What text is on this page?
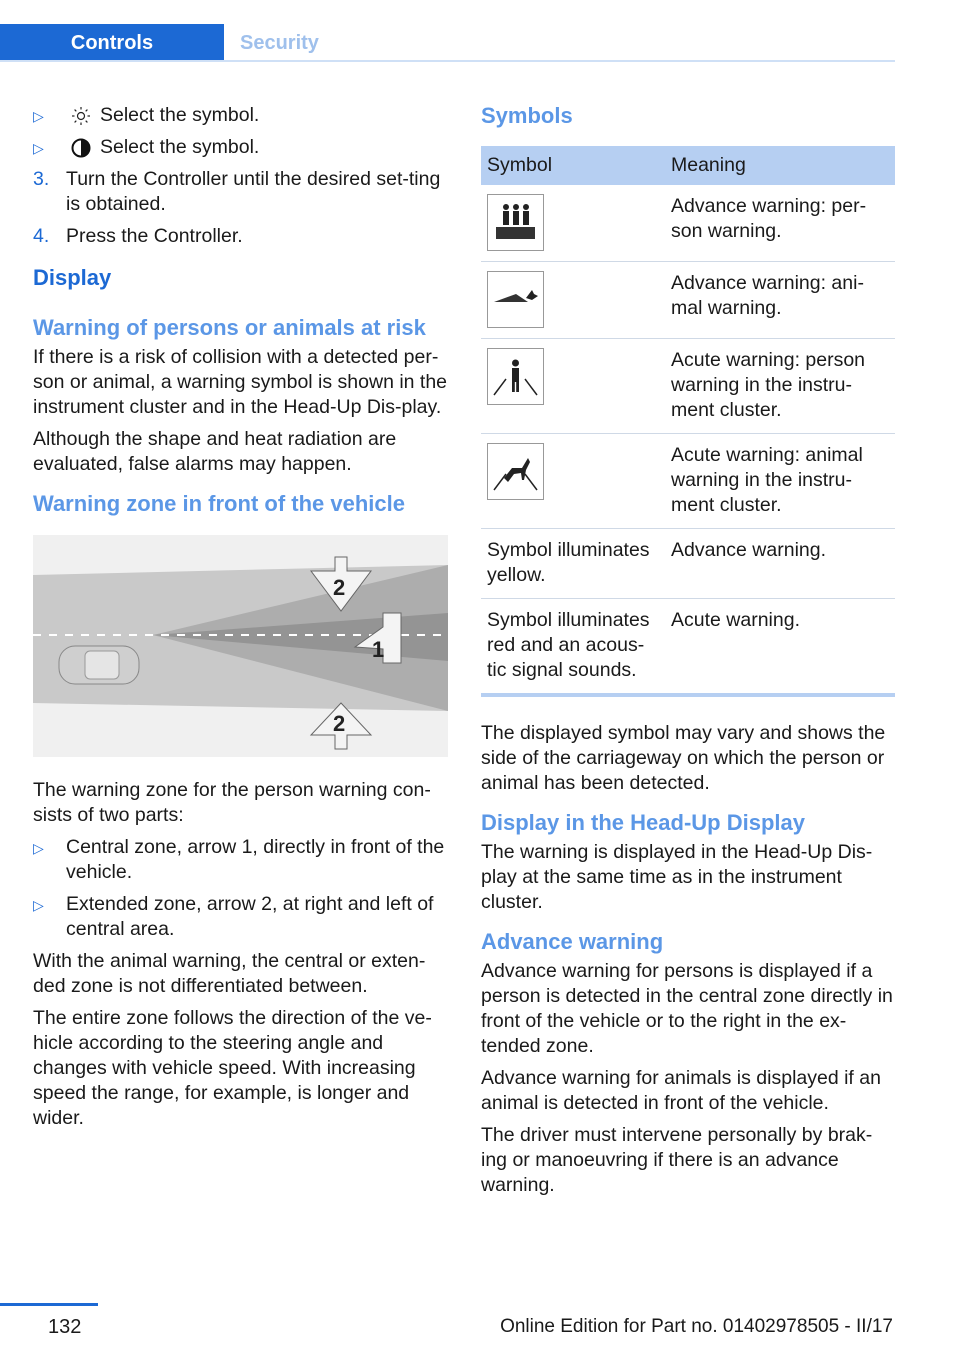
Controls	Security
▷	Select the symbol.
▷	Select the symbol.
3. Turn the Controller until the desired set‐ting is obtained.
4. Press the Controller.
Display
Warning of persons or animals at risk

If there is a risk of collision with a detected per‐son or animal, a warning symbol is shown in the instrument cluster and in the Head-Up Dis‐play.

Although the shape and heat radiation are evaluated, false alarms may happen.

Warning zone in front of the vehicle
2
1
2

The warning zone for the person warning con‐sists of two parts:

▷ Central zone, arrow 1, directly in front of the vehicle.
▷ Extended zone, arrow 2, at right and left of central area.

With the animal warning, the central or exten‐ded zone is not differentiated between.

The entire zone follows the direction of the ve‐hicle according to the steering angle and changes with vehicle speed. With increasing speed the range, for example, is longer and wider.

Symbols
Symbol	Meaning

	Advance warning: per‐son warning.

	Advance warning: ani‐mal warning.

	Acute warning: person warning in the instru‐ment cluster.

	Acute warning: animal warning in the instru‐ment cluster.
Symbol illuminates yellow.	Advance warning.
Symbol illuminates red and an acous‐tic signal sounds.	Acute warning.

The displayed symbol may vary and shows the side of the carriageway on which the person or animal has been detected.

Display in the Head-Up Display

The warning is displayed in the Head-Up Dis‐play at the same time as in the instrument cluster.

Advance warning

Advance warning for persons is displayed if a person is detected in the central zone directly in front of the vehicle or to the right in the ex‐tended zone.

Advance warning for animals is displayed if an animal is detected in front of the vehicle.

The driver must intervene personally by brak‐ing or manoeuvring if there is an advance warning.

132	Online Edition for Part no. 01402978505 - II/17
